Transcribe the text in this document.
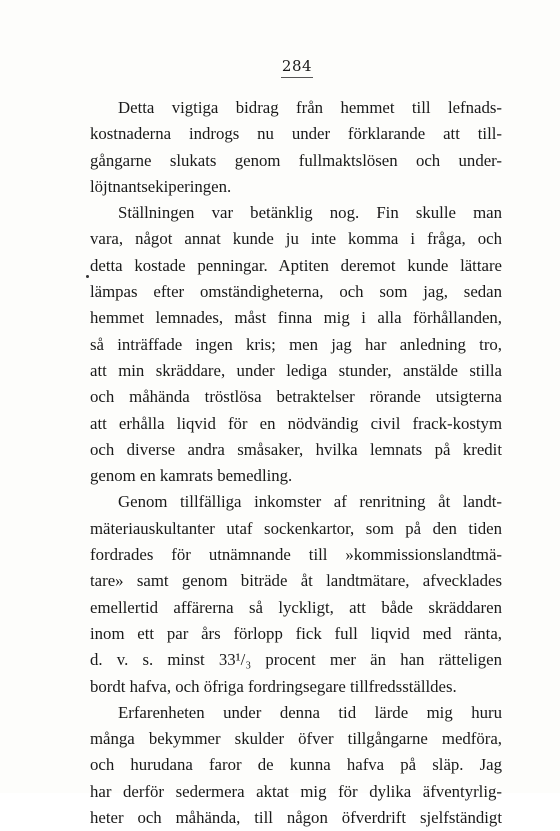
284
Detta vigtiga bidrag från hemmet till lefnads-
kostnaderna indrogs nu under förklarande att till-
gångarne slukats genom fullmaktslösen och under-
löjtnantsekiperingen.
Ställningen var betänklig nog. Fin skulle man
vara, något annat kunde ju inte komma i fråga, och
detta kostade penningar. Aptiten deremot kunde lättare
lämpas efter omständigheterna, och som jag, sedan
hemmet lemnades, måst finna mig i alla förhållanden,
så inträffade ingen kris; men jag har anledning tro,
att min skräddare, under lediga stunder, anstälde stilla
och måhända tröstlösa betraktelser rörande utsigterna
att erhålla liqvid för en nödvändig civil frack-kostym
och diverse andra småsaker, hvilka lemnats på kredit
genom en kamrats bemedling.
Genom tillfälliga inkomster af renritning åt landt-
mäteriauskultanter utaf sockenkartor, som på den tiden
fordrades för utnämnande till »kommissionslandtmä-
tare» samt genom biträde åt landtmätare, afvecklades
emellertid affärerna så lyckligt, att både skräddaren
inom ett par års förlopp fick full liqvid med ränta,
d. v. s. minst 33¹/₃ procent mer än han rätteligen
bordt hafva, och öfriga fordringsegare tillfredsställdes.
Erfarenheten under denna tid lärde mig huru
många bekymmer skulder öfver tillgångarne medföra,
och hurudana faror de kunna hafva på släp. Jag
har derför sedermera aktat mig för dylika äfventyrlig-
heter och måhända, till någon öfverdrift sjelfständigt
